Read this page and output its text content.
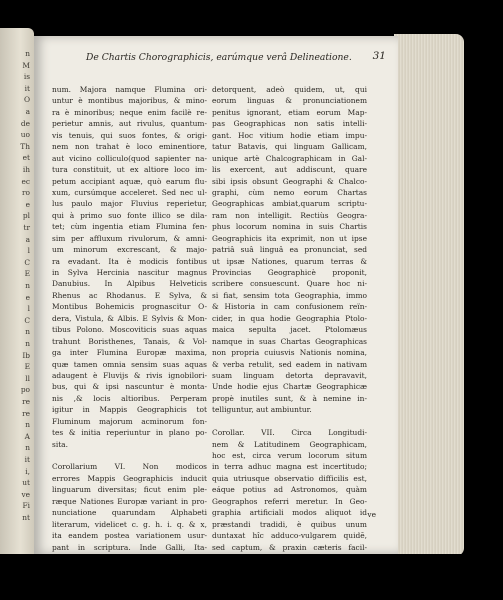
n
M
is
it
O
a
de
uo
Th
et
ih
ec
ro
e
pl
tr
a
l
C
E
n
e
l
C
n
n
Ib
E
ll
po
re
re
n
A
n
it
i,
ut
ve
Fi
nt
De Chartis Chorographicis, earúmque verâ Delineatione.	31
num. Majora namque Flumina ori-
untur è montibus majoribus, & mino-
ra è minoribus; neque enim facilè re-
perietur amnis, aut rivulus, quantum-
vis tenuis, qui suos fontes, & origi-
nem non trahat è loco eminentiore,
aut vicino colliculo(quod sapienter na-
tura constituit, ut ex altiore loco im-
petum accipiant aquæ, quò earum flu-
xum, cursúmque acceleret. Sed nec ul-
lus paulo major Fluvius reperietur,
qui à primo suo fonte illico se dila-
tet; cùm ingentia etiam Flumina fen-
sim per affluxum rivulorum, & amni-
um minorum excrescant, & majo-
ra evadant. Ita è modicis fontibus
in Sylva Hercinia nascitur magnus
Danubius. In Alpibus Helveticis
Rhenus ac Rhodanus. E Sylva, &
Montibus Bohemicis prognascitur O-
dera, Vistula, & Albis. E Sylvis & Mon-
tibus Polono. Moscoviticis suas aquas
trahunt Boristhenes, Tanais, & Vol-
ga inter Flumina Europæ maxima,
quæ tamen omnia sensim suas aquas
adaugent è Fluvijs & rivis ignobilori-
bus, qui & ipsi nascuntur è monta-
nis ,& locis altioribus. Perperam
igitur in Mappis Geographicis tot
Fluminum majorum acminorum fon-
tes & initia reperiuntur in plano po-
sita.
Corollarium VI. Non modicos
errores Mappis Geographicis inducit
linguarum diversitas; ficut enim ple-
ræque Nationes Europæ variant in pro-
nunciatione quarundam Alphabeti
literarum, videlicet c. g. h. i. q. & x,
ita eandem postea variationem usur-
pant in scriptura. Inde Galli, Ita-
detorquent, adeò quidem, ut, qui
eorum linguas & pronunciationem
penitus ignorant, etiam eorum Map-
pas Geographicas non satis intelli-
gant. Hoc vitium hodie etiam impu-
tatur Batavis, qui linguam Gallicam,
unique artè Chalcographicam in Gal-
lis exercent, aut addiscunt, quare
sibi ipsis obsunt Geographi & Chalco-
graphi, cùm nemo eorum Chartas
Geographicas ambiat,quarum scriptu-
ram non intelligit. Rectiùs Geogra-
phus locorum nomina in suis Chartis
Geographicis ita exprimit, non ut ipse
patriâ suâ linguâ ea pronunciat, sed
ut ipsæ Nationes, quarum terras &
Provincias Geographicè proponit,
scribere consuescunt. Quare hoc ni-
si fiat, sensim tota Geographia, immo
& Historia in cam confusionem reïn-
cider, in qua hodie Geographia Ptolo-
maica sepulta jacet. Ptolomæus
namque in suas Chartas Geographicas
non propria cuiusvis Nationis nomina,
& verba retulit, sed eadem in nativam
suam linguam detorta depravavit,
Unde hodie ejus Chartæ Geographicæ
propè inutiles sunt, & à nemine in-
telliguntur, aut ambiuntur.
Corollar. VII. Circa Longitudi-
nem & Latitudinem Geographicam,
hoc est, circa verum locorum situm
in terra adhuc magna est incertitudo;
quia utriusque observatio difficilis est,
eáque potius ad Astronomos, quàm
Geographos referri meretur. In Geo-
graphia artificiali modos aliquot id
præstandi tradidi, è quibus unum
duntaxat hîc adduco-vulgarem quidē,
sed captum, & praxin cæteris facil-
ve
